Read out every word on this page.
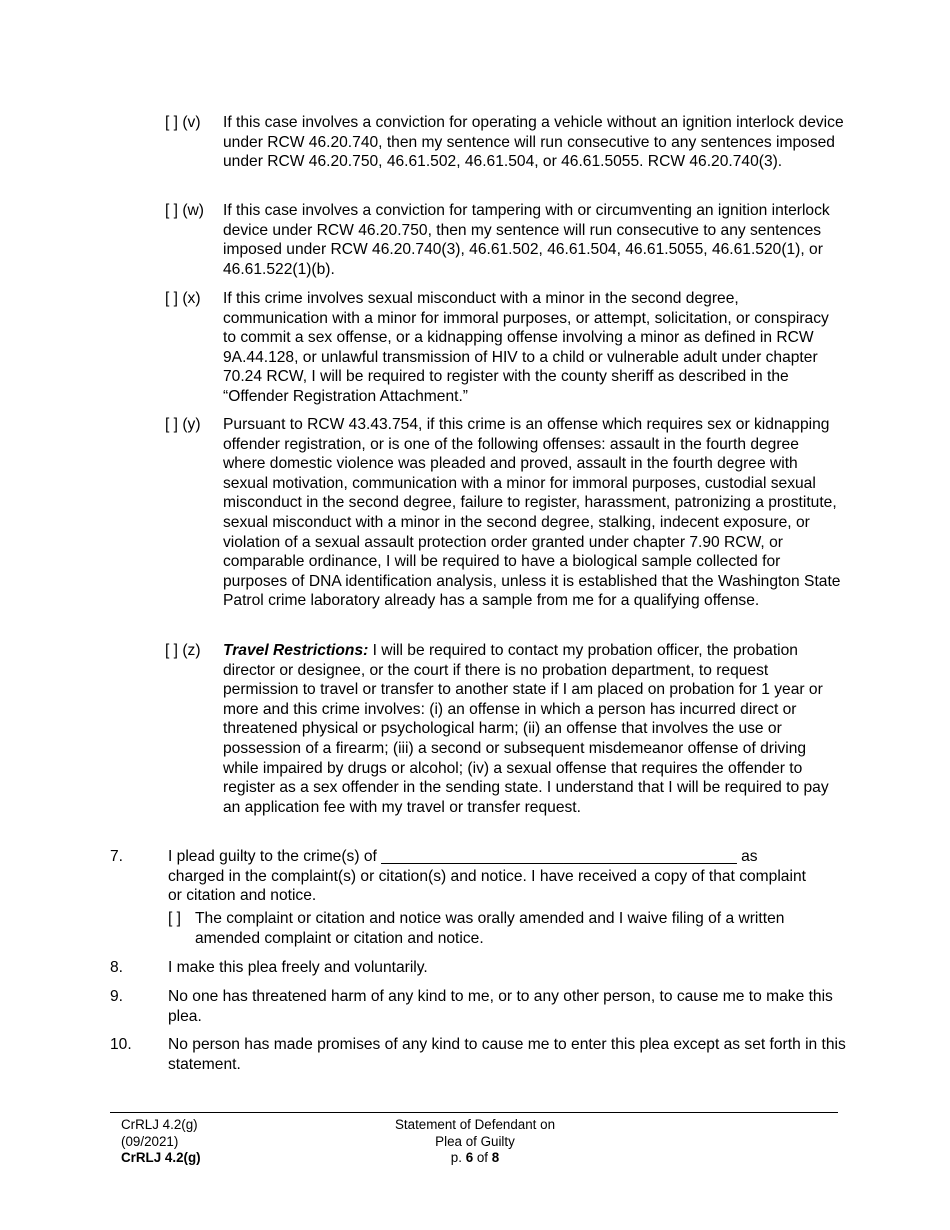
[ ] (v) If this case involves a conviction for operating a vehicle without an ignition interlock device under RCW 46.20.740, then my sentence will run consecutive to any sentences imposed under RCW 46.20.750, 46.61.502, 46.61.504, or 46.61.5055. RCW 46.20.740(3).
[ ] (w) If this case involves a conviction for tampering with or circumventing an ignition interlock device under RCW 46.20.750, then my sentence will run consecutive to any sentences imposed under RCW 46.20.740(3), 46.61.502, 46.61.504, 46.61.5055, 46.61.520(1), or 46.61.522(1)(b).
[ ] (x) If this crime involves sexual misconduct with a minor in the second degree, communication with a minor for immoral purposes, or attempt, solicitation, or conspiracy to commit a sex offense, or a kidnapping offense involving a minor as defined in RCW 9A.44.128, or unlawful transmission of HIV to a child or vulnerable adult under chapter 70.24 RCW, I will be required to register with the county sheriff as described in the “Offender Registration Attachment.”
[ ] (y) Pursuant to RCW 43.43.754, if this crime is an offense which requires sex or kidnapping offender registration, or is one of the following offenses: assault in the fourth degree where domestic violence was pleaded and proved, assault in the fourth degree with sexual motivation, communication with a minor for immoral purposes, custodial sexual misconduct in the second degree, failure to register, harassment, patronizing a prostitute, sexual misconduct with a minor in the second degree, stalking, indecent exposure, or violation of a sexual assault protection order granted under chapter 7.90 RCW, or comparable ordinance, I will be required to have a biological sample collected for purposes of DNA identification analysis, unless it is established that the Washington State Patrol crime laboratory already has a sample from me for a qualifying offense.
[ ] (z) Travel Restrictions: I will be required to contact my probation officer, the probation director or designee, or the court if there is no probation department, to request permission to travel or transfer to another state if I am placed on probation for 1 year or more and this crime involves: (i) an offense in which a person has incurred direct or threatened physical or psychological harm; (ii) an offense that involves the use or possession of a firearm; (iii) a second or subsequent misdemeanor offense of driving while impaired by drugs or alcohol; (iv) a sexual offense that requires the offender to register as a sex offender in the sending state. I understand that I will be required to pay an application fee with my travel or transfer request.
7.	I plead guilty to the crime(s) of _________________________________________ as charged in the complaint(s) or citation(s) and notice. I have received a copy of that complaint or citation and notice.
[ ] The complaint or citation and notice was orally amended and I waive filing of a written amended complaint or citation and notice.
8.	I make this plea freely and voluntarily.
9.	No one has threatened harm of any kind to me, or to any other person, to cause me to make this plea.
10. No person has made promises of any kind to cause me to enter this plea except as set forth in this statement.
CrRLJ 4.2(g)
(09/2021)
CrRLJ 4.2(g)
Statement of Defendant on
Plea of Guilty
p. 6 of 8
